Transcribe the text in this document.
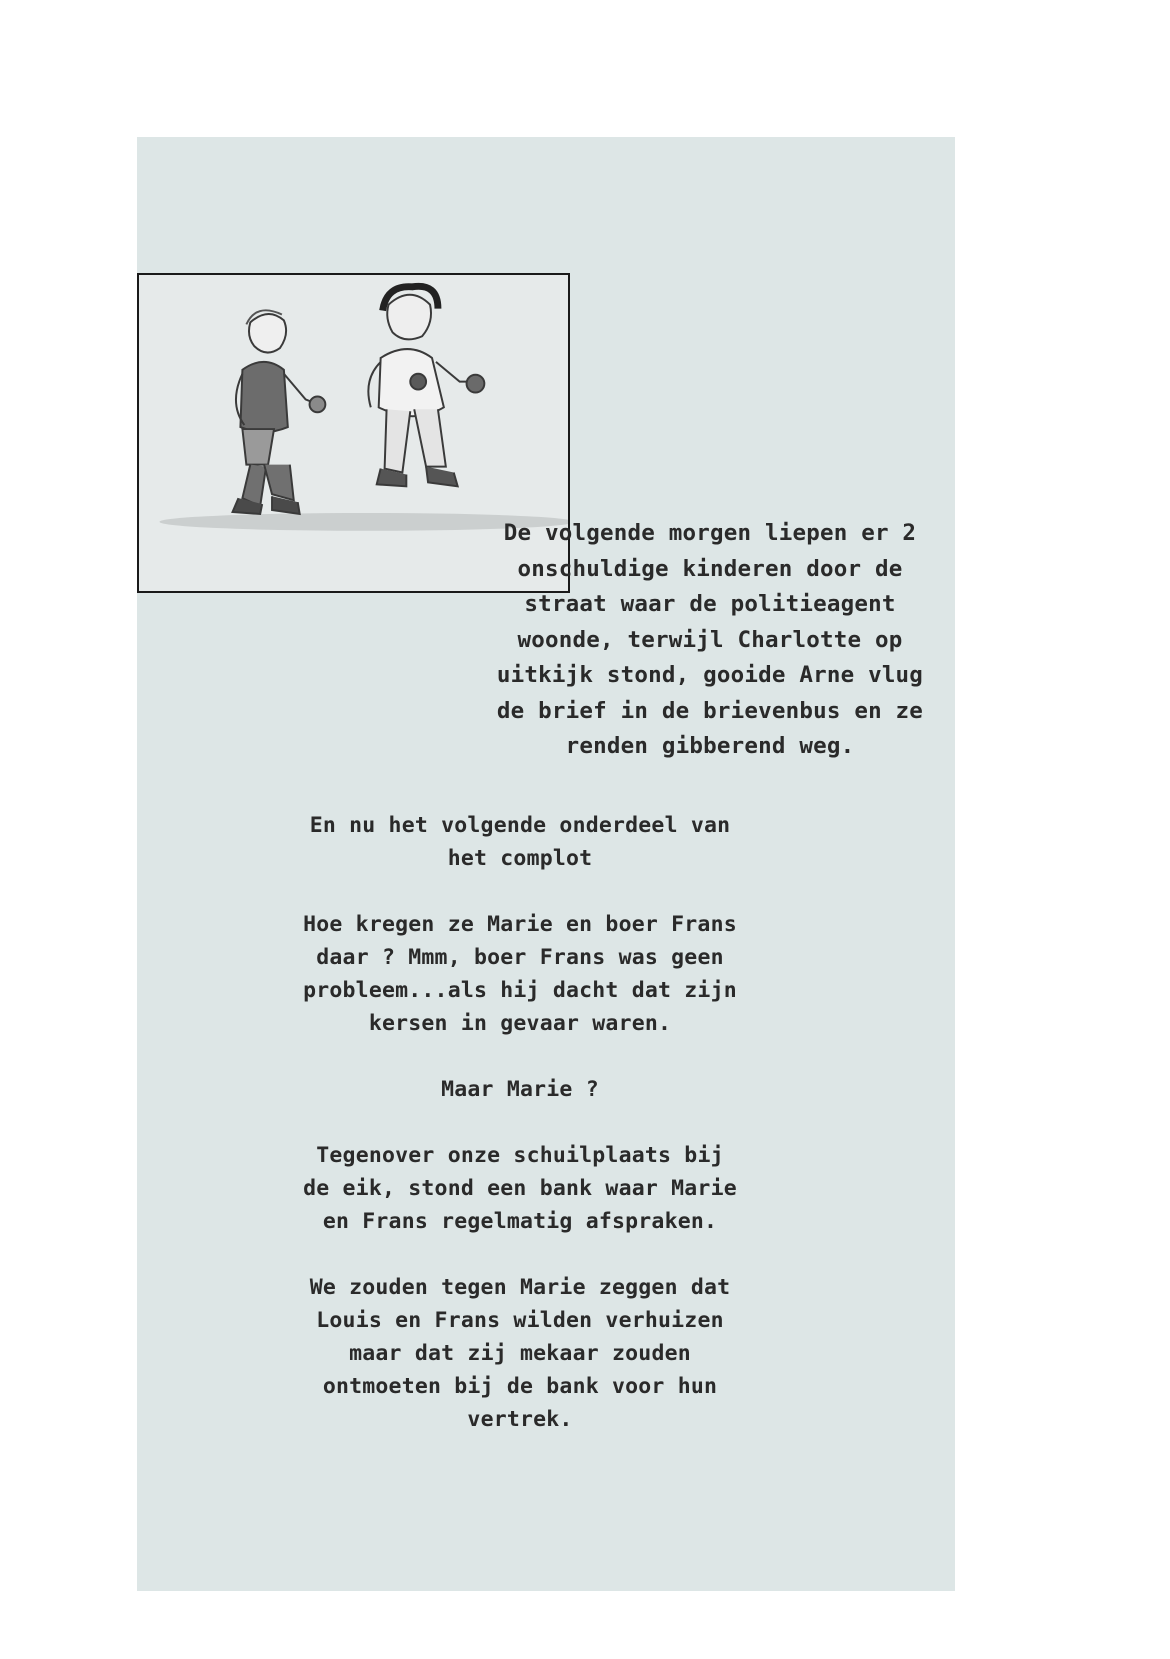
De volgende morgen liepen er 2
onschuldige kinderen door de
straat waar de politieagent
woonde, terwijl Charlotte op
uitkijk stond, gooide Arne vlug
de brief in de brievenbus en ze
renden gibberend weg.

En nu het volgende onderdeel van
het complot

Hoe kregen ze Marie en boer Frans
daar ? Mmm, boer Frans was geen
probleem...als hij dacht dat zijn
kersen in gevaar waren.

Maar Marie ?

Tegenover onze schuilplaats bij
de eik, stond een bank waar Marie
en Frans regelmatig afspraken.

We zouden tegen Marie zeggen dat
Louis en Frans wilden verhuizen
maar dat zij mekaar zouden
ontmoeten bij de bank voor hun
vertrek.
